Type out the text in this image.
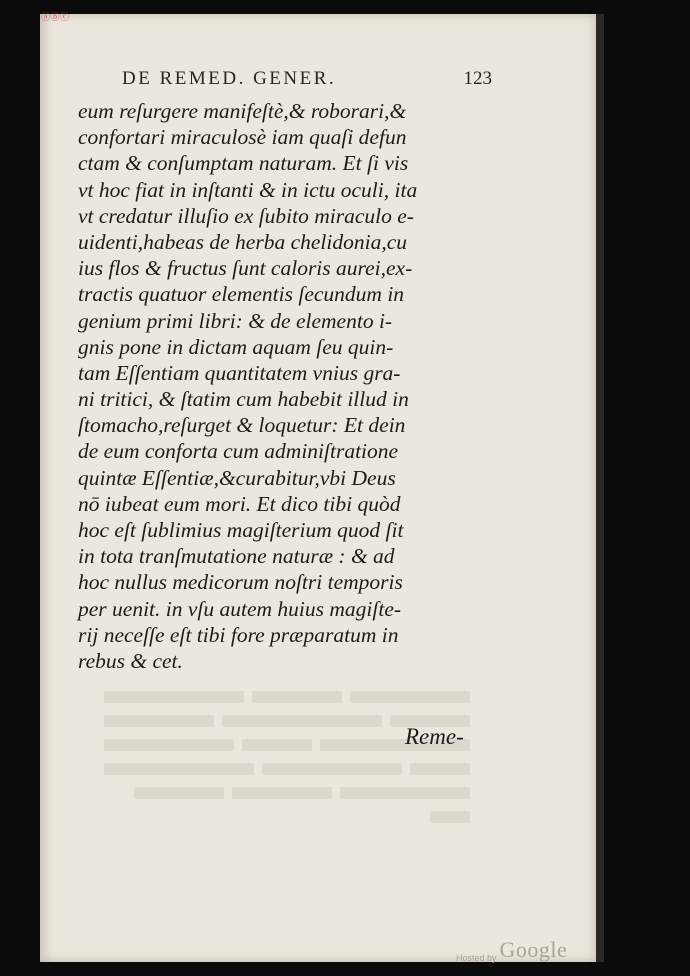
ⓐⓑⓒ
DE REMED. GENER.	123
eum reſurgere manifeſtè,& roborari,&
confortari miraculosè iam quaſi defun
ctam & conſumptam naturam. Et ſi vis
vt hoc fiat in inſtanti & in ictu oculi, ita
vt credatur illuſio ex ſubito miraculo e-
uidenti,habeas de herba chelidonia,cu
ius flos & fructus ſunt caloris aurei,ex-
tractis quatuor elementis ſecundum in
genium primi libri: & de elemento i-
gnis pone in dictam aquam ſeu quin-
tam Eſſentiam quantitatem vnius gra-
ni tritici, & ſtatim cum habebit illud in
ſtomacho,reſurget & loquetur: Et dein
de eum conforta cum adminiſtratione
quintæ Eſſentiæ,&curabitur,vbi Deus
nō iubeat eum mori. Et dico tibi quòd
hoc eſt ſublimius magiſterium quod ſit
in tota tranſmutatione naturæ : & ad
hoc nullus medicorum noſtri temporis
per uenit. in vſu autem huius magiſte-
rij neceſſe eſt tibi fore præparatum in
rebus & cet.
Reme-
Hosted by Google
